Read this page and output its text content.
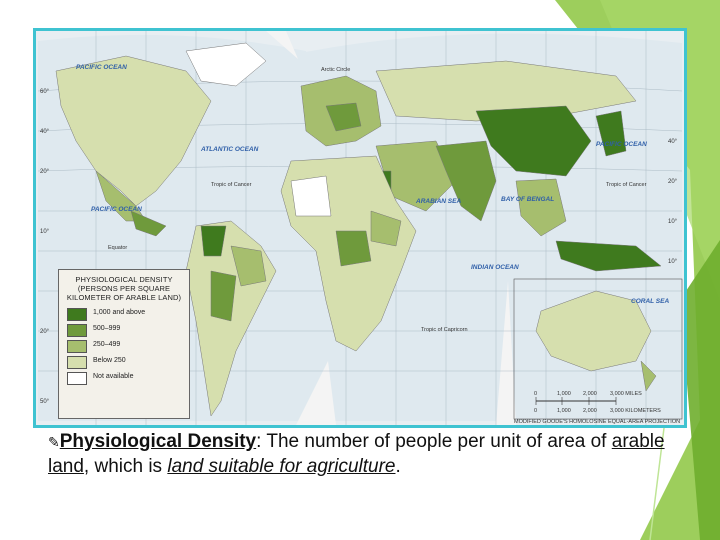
PACIFIC OCEAN
ATLANTIC OCEAN
PACIFIC OCEAN
PACIFIC OCEAN
INDIAN OCEAN
ARABIAN SEA	BAY OF BENGAL
CORAL SEA
Arctic Circle
Tropic of Cancer
Equator
Tropic of Capricorn
Tropic of Cancer
60°
40°
20°
10°
20°
50°
40°
20°
10°
10°
0	1,000 2,000 3,000 MILES
0	1,000 2,000 3,000 KILOMETERS
MODIFIED GOODE'S HOMOLOSINE EQUAL-AREA PROJECTION
PHYSIOLOGICAL DENSITY (PERSONS PER SQUARE KILOMETER OF ARABLE LAND)
1,000 and above
500–999
250–499
Below 250
Not available
✎Physiological Density: The number of people per unit of area of arable land, which is land suitable for agriculture.
